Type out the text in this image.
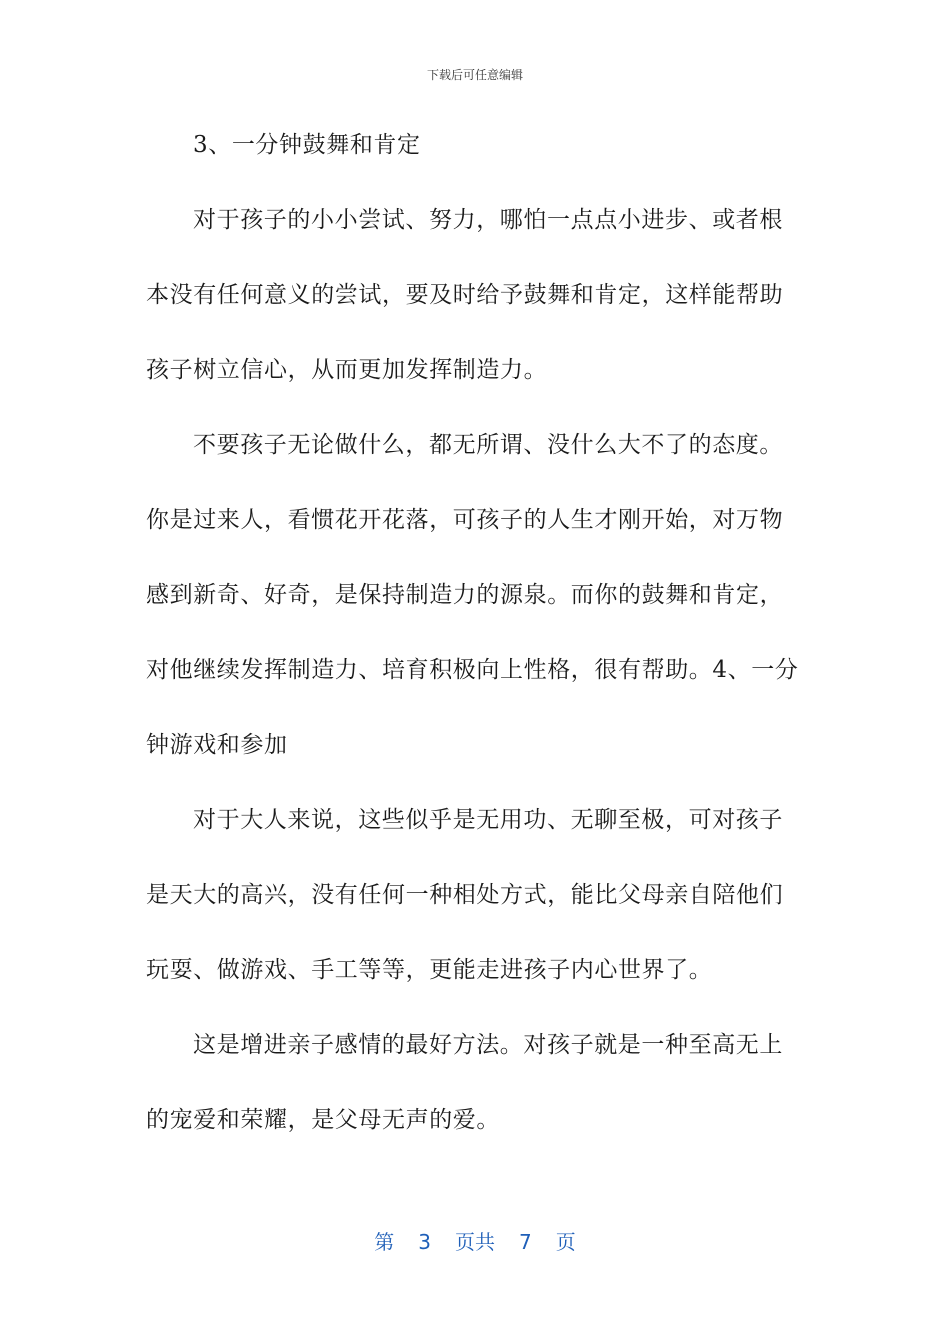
下载后可任意编辑
3、一分钟鼓舞和肯定
对于孩子的小小尝试、努力，哪怕一点点小进步、或者根
本没有任何意义的尝试，要及时给予鼓舞和肯定，这样能帮助
孩子树立信心，从而更加发挥制造力。
不要孩子无论做什么，都无所谓、没什么大不了的态度。
你是过来人，看惯花开花落，可孩子的人生才刚开始，对万物
感到新奇、好奇，是保持制造力的源泉。而你的鼓舞和肯定，
对他继续发挥制造力、培育积极向上性格，很有帮助。4、一分
钟游戏和参加
对于大人来说，这些似乎是无用功、无聊至极，可对孩子
是天大的高兴，没有任何一种相处方式，能比父母亲自陪他们
玩耍、做游戏、手工等等，更能走进孩子内心世界了。
这是增进亲子感情的最好方法。对孩子就是一种至高无上
的宠爱和荣耀，是父母无声的爱。
第 3 页共 7 页
